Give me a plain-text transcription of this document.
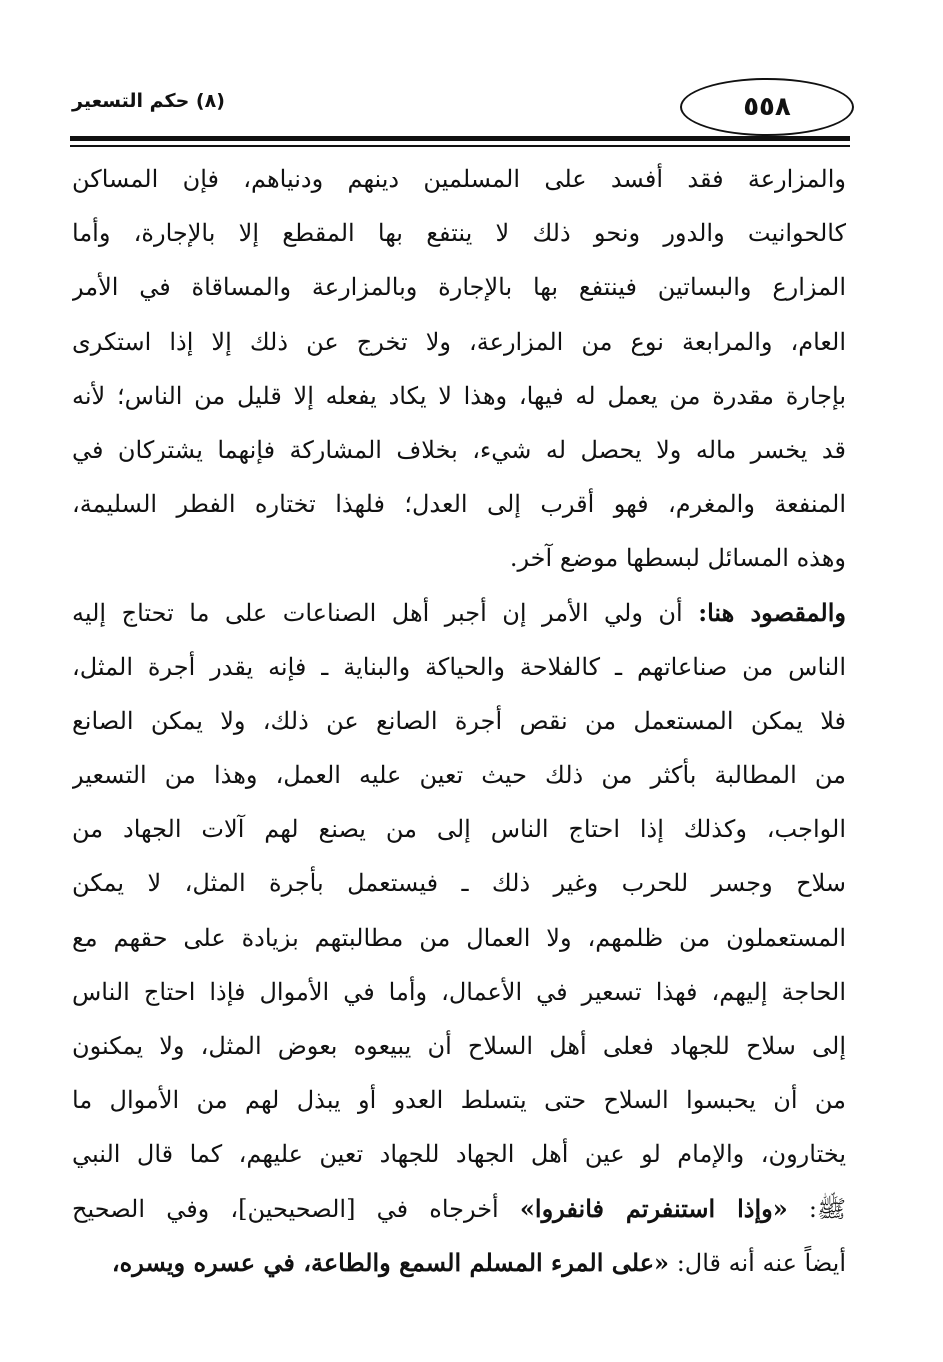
٥٥٨
(٨) حكم التسعير
والمزارعة فقد أفسد على المسلمين دينهم ودنياهم، فإن المساكن
كالحوانيت والدور ونحو ذلك لا ينتفع بها المقطع إلا بالإجارة، وأما
المزارع والبساتين فينتفع بها بالإجارة وبالمزارعة والمساقاة في الأمر
العام، والمرابعة نوع من المزارعة، ولا تخرج عن ذلك إلا إذا استكرى
بإجارة مقدرة من يعمل له فيها، وهذا لا يكاد يفعله إلا قليل من الناس؛ لأنه
قد يخسر ماله ولا يحصل له شيء، بخلاف المشاركة فإنهما يشتركان في
المنفعة والمغرم، فهو أقرب إلى العدل؛ فلهذا تختاره الفطر السليمة،
وهذه المسائل لبسطها موضع آخر.
والمقصود هنا: أن ولي الأمر إن أجبر أهل الصناعات على ما تحتاج إليه
الناس من صناعاتهم ـ كالفلاحة والحياكة والبناية ـ فإنه يقدر أجرة المثل،
فلا يمكن المستعمل من نقص أجرة الصانع عن ذلك، ولا يمكن الصانع
من المطالبة بأكثر من ذلك حيث تعين عليه العمل، وهذا من التسعير
الواجب، وكذلك إذا احتاج الناس إلى من يصنع لهم آلات الجهاد من
سلاح وجسر للحرب وغير ذلك ـ فيستعمل بأجرة المثل، لا يمكن
المستعملون من ظلمهم، ولا العمال من مطالبتهم بزيادة على حقهم مع
الحاجة إليهم، فهذا تسعير في الأعمال، وأما في الأموال فإذا احتاج الناس
إلى سلاح للجهاد فعلى أهل السلاح أن يبيعوه بعوض المثل، ولا يمكنون
من أن يحبسوا السلاح حتى يتسلط العدو أو يبذل لهم من الأموال ما
يختارون، والإمام لو عين أهل الجهاد للجهاد تعين عليهم، كما قال النبي
ﷺ: «وإذا استنفرتم فانفروا» أخرجاه في [الصحيحين]، وفي الصحيح
أيضاً عنه أنه قال: «على المرء المسلم السمع والطاعة، في عسره ويسره،
